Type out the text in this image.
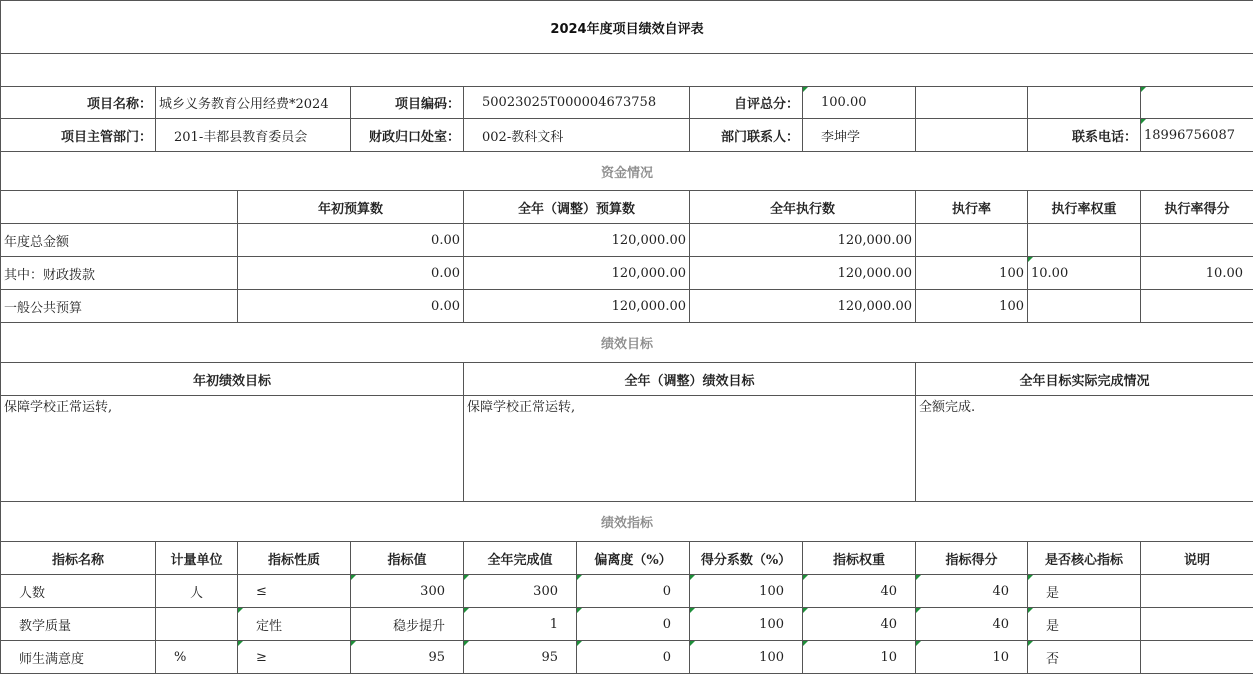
2024年度项目绩效自评表										

项目名称：	城乡义务教育公用经费*2024		项目编码：	50023025T000004673758		自评总分：	100.00			
项目主管部门：	201-丰都县教育委员会		财政归口处室：	002-教科文科		部门联系人：	李坤学		联系电话：	18996756087
资金情况										
		年初预算数		全年（调整）预算数		全年执行数		执行率	执行率权重	执行率得分
年度总金额		0.00		120,000.00		120,000.00				
其中：财政拨款		0.00		120,000.00		120,000.00		100	10.00	10.00
一般公共预算		0.00		120,000.00		120,000.00		100		
绩效目标										
年初绩效目标				全年（调整）绩效目标				全年目标实际完成情况		
保障学校正常运转,				保障学校正常运转,				全额完成.		
绩效指标										
指标名称	计量单位	指标性质	指标值	全年完成值	偏离度（%）	得分系数（%）	指标权重	指标得分	是否核心指标	说明
人数	人	≤	300	300	0	100	40	40	是	
教学质量		定性	稳步提升	1	0	100	40	40	是	
师生满意度	%	≥	95	95	0	100	10	10	否	
